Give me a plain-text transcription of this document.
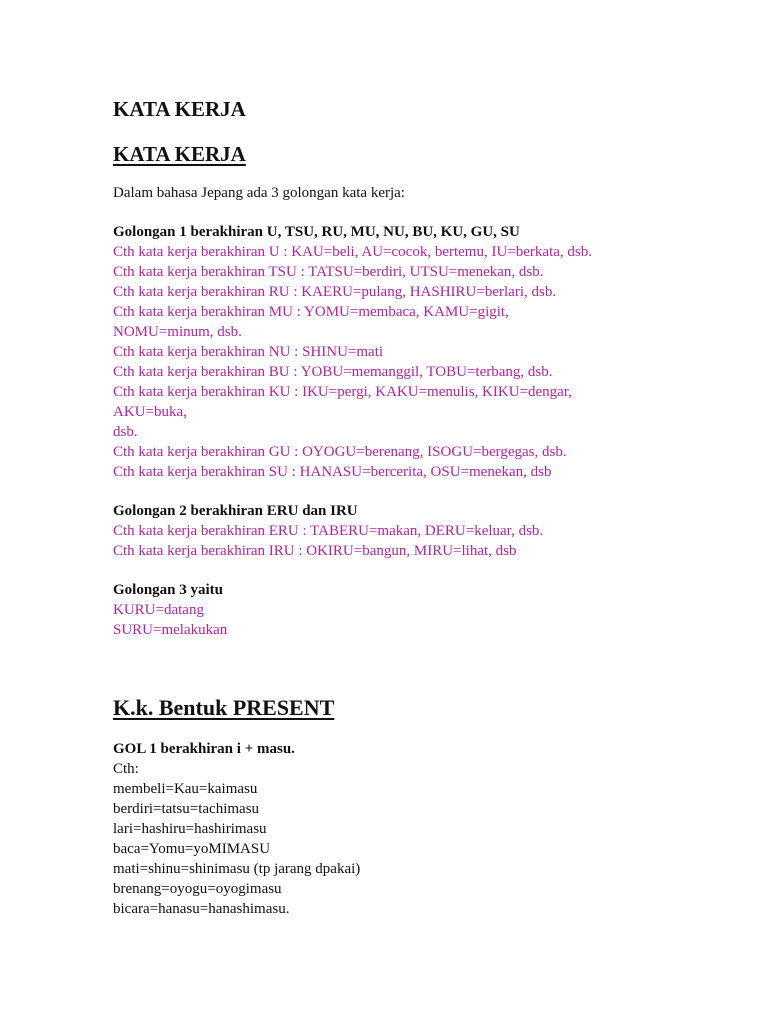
KATA KERJA
KATA KERJA
Dalam bahasa Jepang ada 3 golongan kata kerja:
Golongan 1 berakhiran U, TSU, RU, MU, NU, BU, KU, GU, SU
Cth kata kerja berakhiran U : KAU=beli, AU=cocok, bertemu, IU=berkata, dsb.
Cth kata kerja berakhiran TSU : TATSU=berdiri, UTSU=menekan, dsb.
Cth kata kerja berakhiran RU : KAERU=pulang, HASHIRU=berlari, dsb.
Cth kata kerja berakhiran MU : YOMU=membaca, KAMU=gigit,
NOMU=minum, dsb.
Cth kata kerja berakhiran NU : SHINU=mati
Cth kata kerja berakhiran BU : YOBU=memanggil, TOBU=terbang, dsb.
Cth kata kerja berakhiran KU : IKU=pergi, KAKU=menulis, KIKU=dengar,
AKU=buka,
dsb.
Cth kata kerja berakhiran GU : OYOGU=berenang, ISOGU=bergegas, dsb.
Cth kata kerja berakhiran SU : HANASU=bercerita, OSU=menekan, dsb
Golongan 2 berakhiran ERU dan IRU
Cth kata kerja berakhiran ERU : TABERU=makan, DERU=keluar, dsb.
Cth kata kerja berakhiran IRU : OKIRU=bangun, MIRU=lihat, dsb
Golongan 3 yaitu
KURU=datang
SURU=melakukan
K.k. Bentuk PRESENT
GOL 1 berakhiran i + masu.
Cth:
membeli=Kau=kaimasu
berdiri=tatsu=tachimasu
lari=hashiru=hashirimasu
baca=Yomu=yoMIMASU
mati=shinu=shinimasu (tp jarang dpakai)
brenang=oyogu=oyogimasu
bicara=hanasu=hanashimasu.
